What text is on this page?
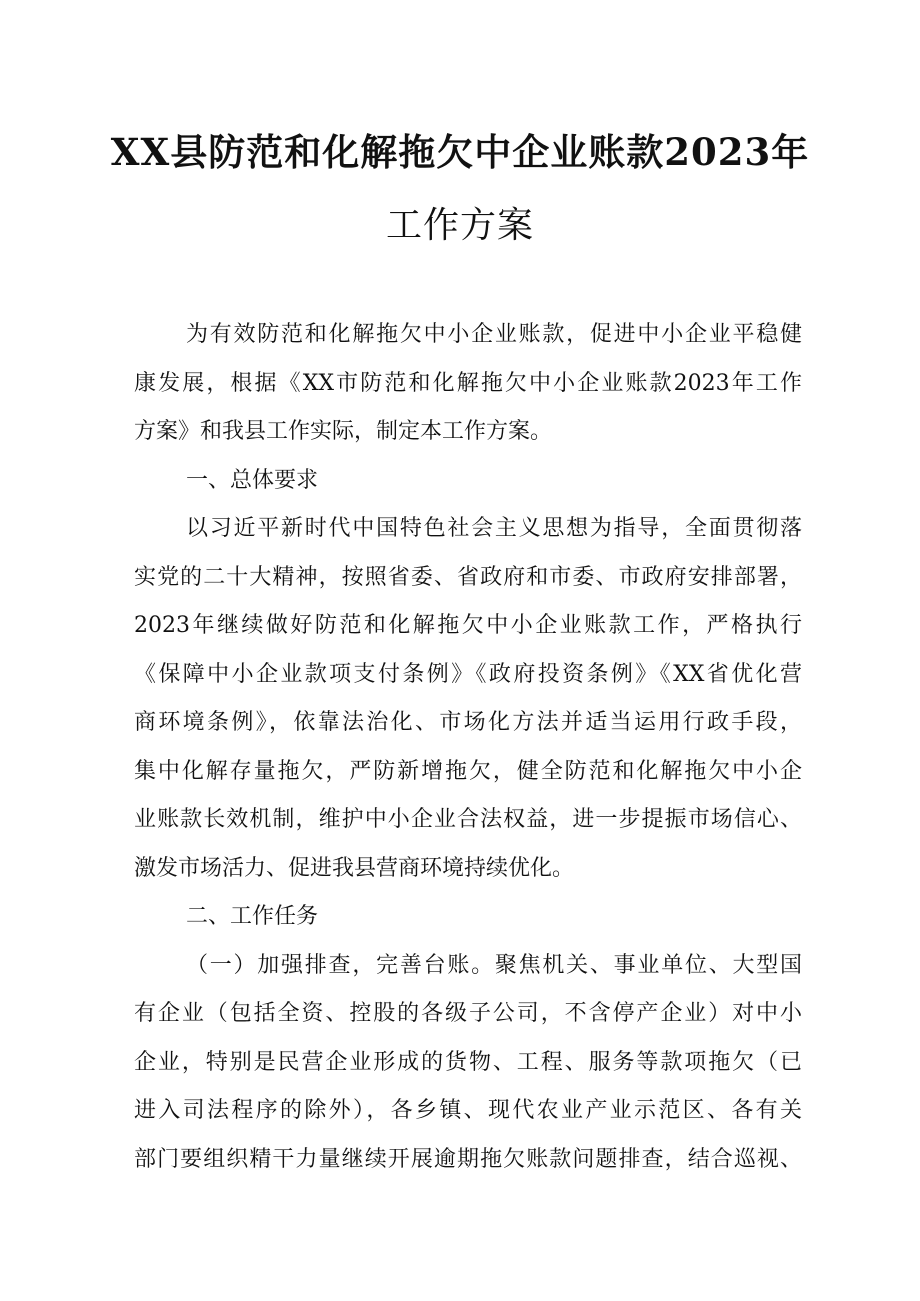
XX县防范和化解拖欠中企业账款2023年
工作方案
为有效防范和化解拖欠中小企业账款，促进中小企业平稳健
康发展，根据《XX市防范和化解拖欠中小企业账款2023年工作
方案》和我县工作实际，制定本工作方案。
一、总体要求
以习近平新时代中国特色社会主义思想为指导，全面贯彻落
实党的二十大精神，按照省委、省政府和市委、市政府安排部署，
2023年继续做好防范和化解拖欠中小企业账款工作，严格执行
《保障中小企业款项支付条例》《政府投资条例》《XX省优化营
商环境条例》，依靠法治化、市场化方法并适当运用行政手段，
集中化解存量拖欠，严防新增拖欠，健全防范和化解拖欠中小企
业账款长效机制，维护中小企业合法权益，进一步提振市场信心、
激发市场活力、促进我县营商环境持续优化。
二、工作任务
（一）加强排查，完善台账。聚焦机关、事业单位、大型国
有企业（包括全资、控股的各级子公司，不含停产企业）对中小
企业，特别是民营企业形成的货物、工程、服务等款项拖欠（已
进入司法程序的除外），各乡镇、现代农业产业示范区、各有关
部门要组织精干力量继续开展逾期拖欠账款问题排查，结合巡视、
